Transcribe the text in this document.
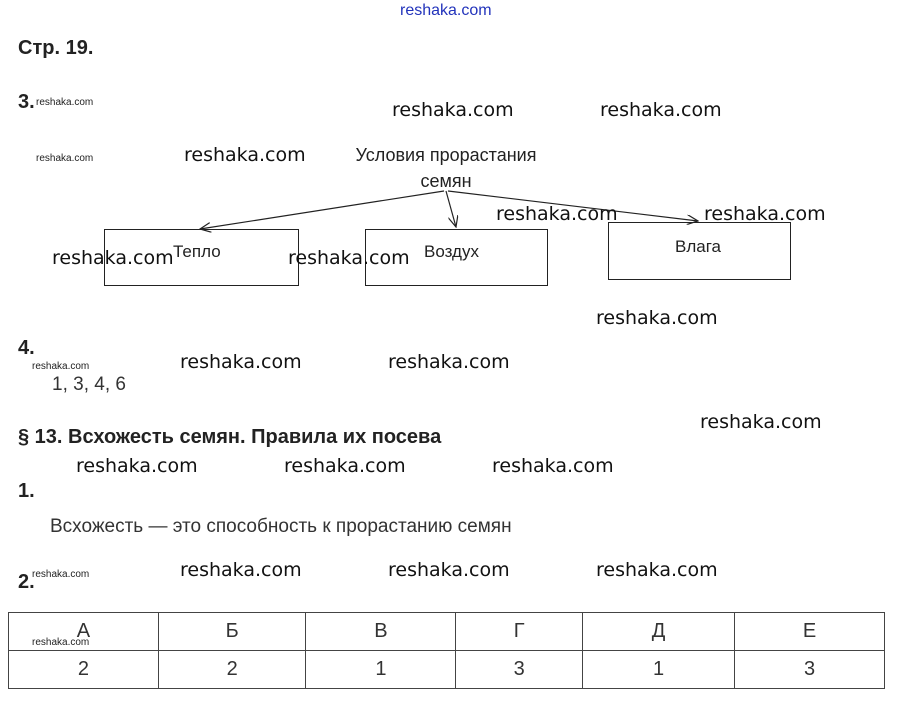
reshaka.com
Стр. 19.
3.
Условия прорастания
семян
Тепло	Воздух	Влага
4.
1, 3, 4, 6
§ 13. Всхожесть семян. Правила их посева
1.
Всхожесть — это способность к прорастанию семян
2.
А	Б	В	Г	Д	Е
2	2	1	3	1	3
reshaka.com
reshaka.com
reshaka.com
reshaka.com
reshaka.com
reshaka.com	reshaka.com
reshaka.com
reshaka.com	reshaka.com
reshaka.com	reshaka.com
reshaka.com
reshaka.com	reshaka.com
reshaka.com
reshaka.com	reshaka.com	reshaka.com
reshaka.com	reshaka.com	reshaka.com
